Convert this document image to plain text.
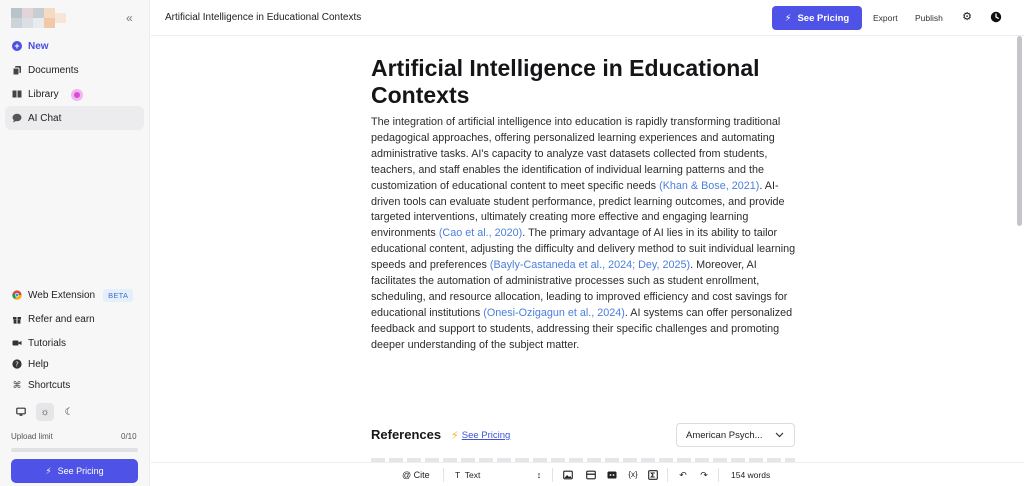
«
+ New
Documents
Library
AI Chat
Web Extension	BETA
Refer and earn
Tutorials
? Help
⌘ Shortcuts
☼	☾
Upload limit	0/10
⚡︎ See Pricing
Artificial Intelligence in Educational Contexts	⚡︎ See Pricing	Export Publish ⚙︎
Artificial Intelligence in Educational Contexts

The integration of artificial intelligence into education is rapidly transforming traditional pedagogical approaches, offering personalized learning experiences and automating administrative tasks. AI's capacity to analyze vast datasets collected from students, teachers, and staff enables the identification of individual learning patterns and the customization of educational content to meet specific needs (Khan & Bose, 2021). AI-driven tools can evaluate student performance, predict learning outcomes, and provide targeted interventions, ultimately creating more effective and engaging learning environments (Cao et al., 2020). The primary advantage of AI lies in its ability to tailor educational content, adjusting the difficulty and delivery method to suit individual learning speeds and preferences (Bayly-Castaneda et al., 2024; Dey, 2025). Moreover, AI facilitates the automation of administrative processes such as student enrollment, scheduling, and resource allocation, leading to improved efficiency and cost savings for educational institutions (Onesi-Ozigagun et al., 2024). AI systems can offer personalized feedback and support to students, addressing their specific challenges and promoting deeper understanding of the subject matter.

References ⚡︎ See Pricing	American Psych...
@ Cite	T Text	↕	{x}	↶ ↷	154 words
